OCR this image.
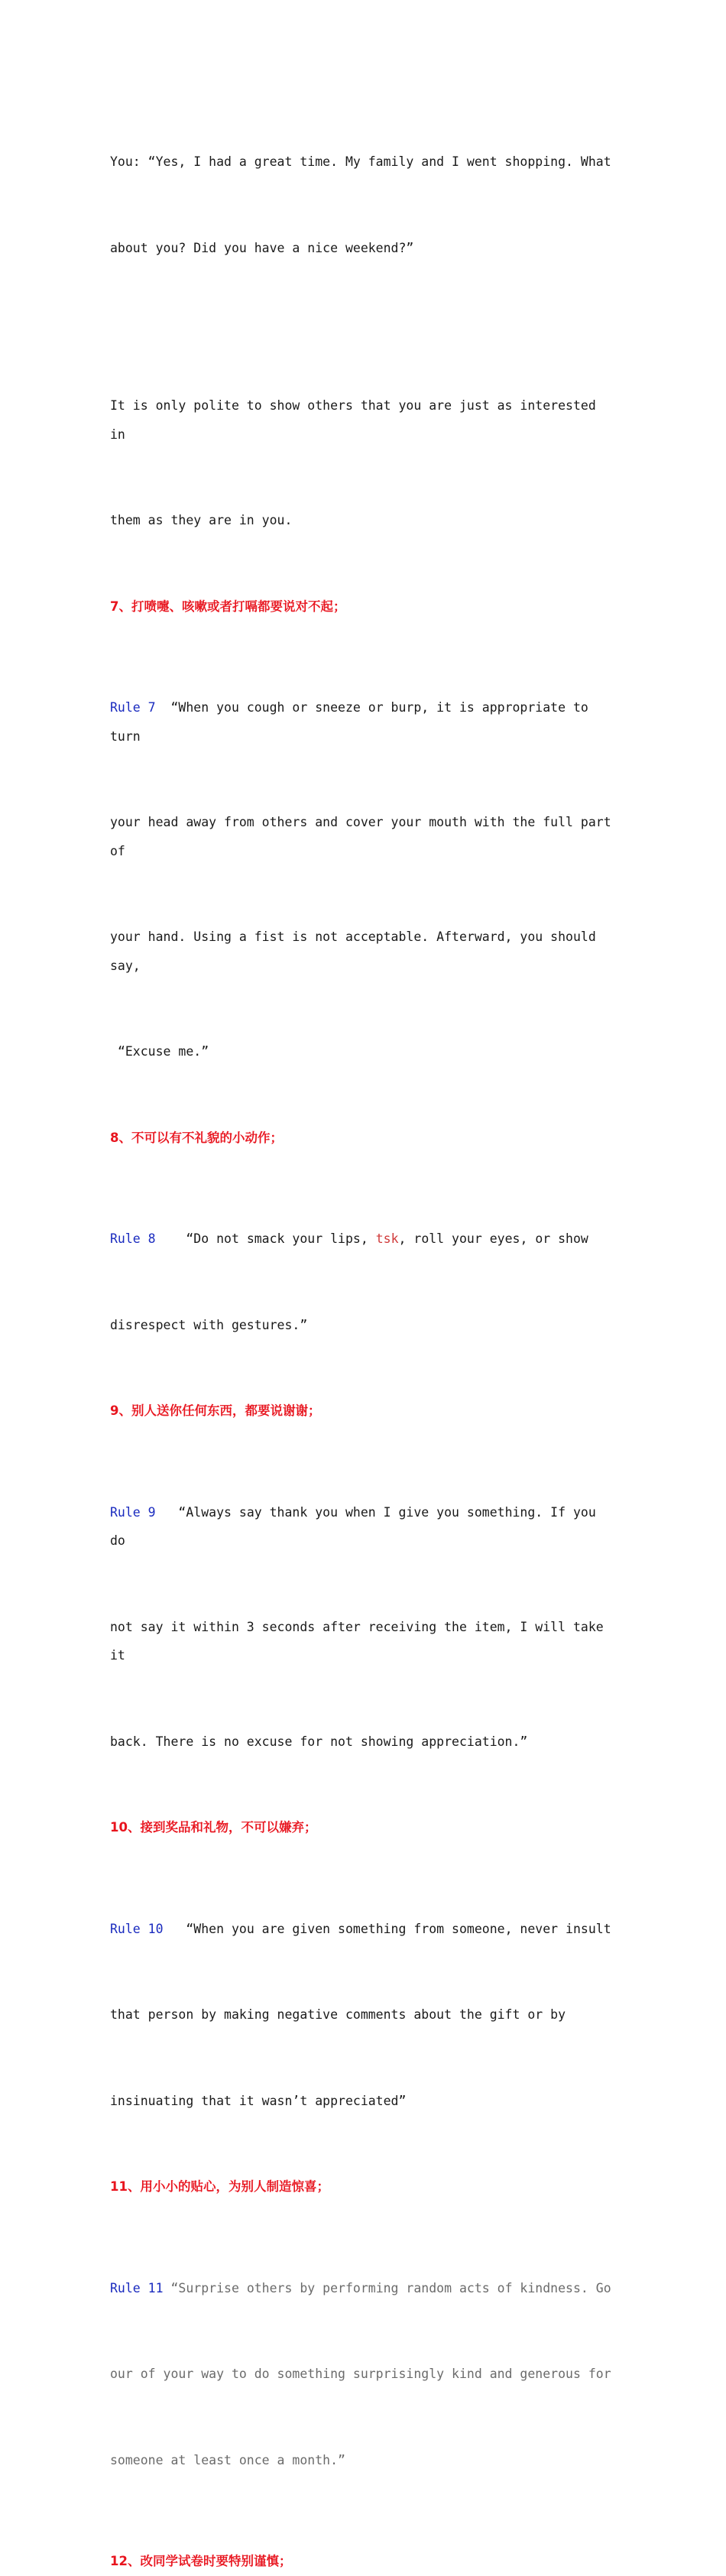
You: “Yes, I had a great time. My family and I went shopping. What

about you? Did you have a nice weekend?”

It is only polite to show others that you are just as interested in

them as they are in you.

7、打喷嚏、咳嗽或者打嗝都要说对不起；

Rule 7  “When you cough or sneeze or burp, it is appropriate to turn

your head away from others and cover your mouth with the full part of

your hand. Using a fist is not acceptable. Afterward, you should say,

“Excuse me.”

8、不可以有不礼貌的小动作；

Rule 8    “Do not smack your lips, tsk, roll your eyes, or show

disrespect with gestures.”

9、别人送你任何东西，都要说谢谢；

Rule 9   “Always say thank you when I give you something. If you do

not say it within 3 seconds after receiving the item, I will take it

back. There is no excuse for not showing appreciation.”

10、接到奖品和礼物，不可以嫌弃；

Rule 10   “When you are given something from someone, never insult

that person by making negative comments about the gift or by

insinuating that it wasn’t appreciated”

11、用小小的贴心，为别人制造惊喜；

Rule 11 “Surprise others by performing random acts of kindness. Go

our of your way to do something surprisingly kind and generous for

someone at least once a month.”

12、改同学试卷时要特别谨慎；
